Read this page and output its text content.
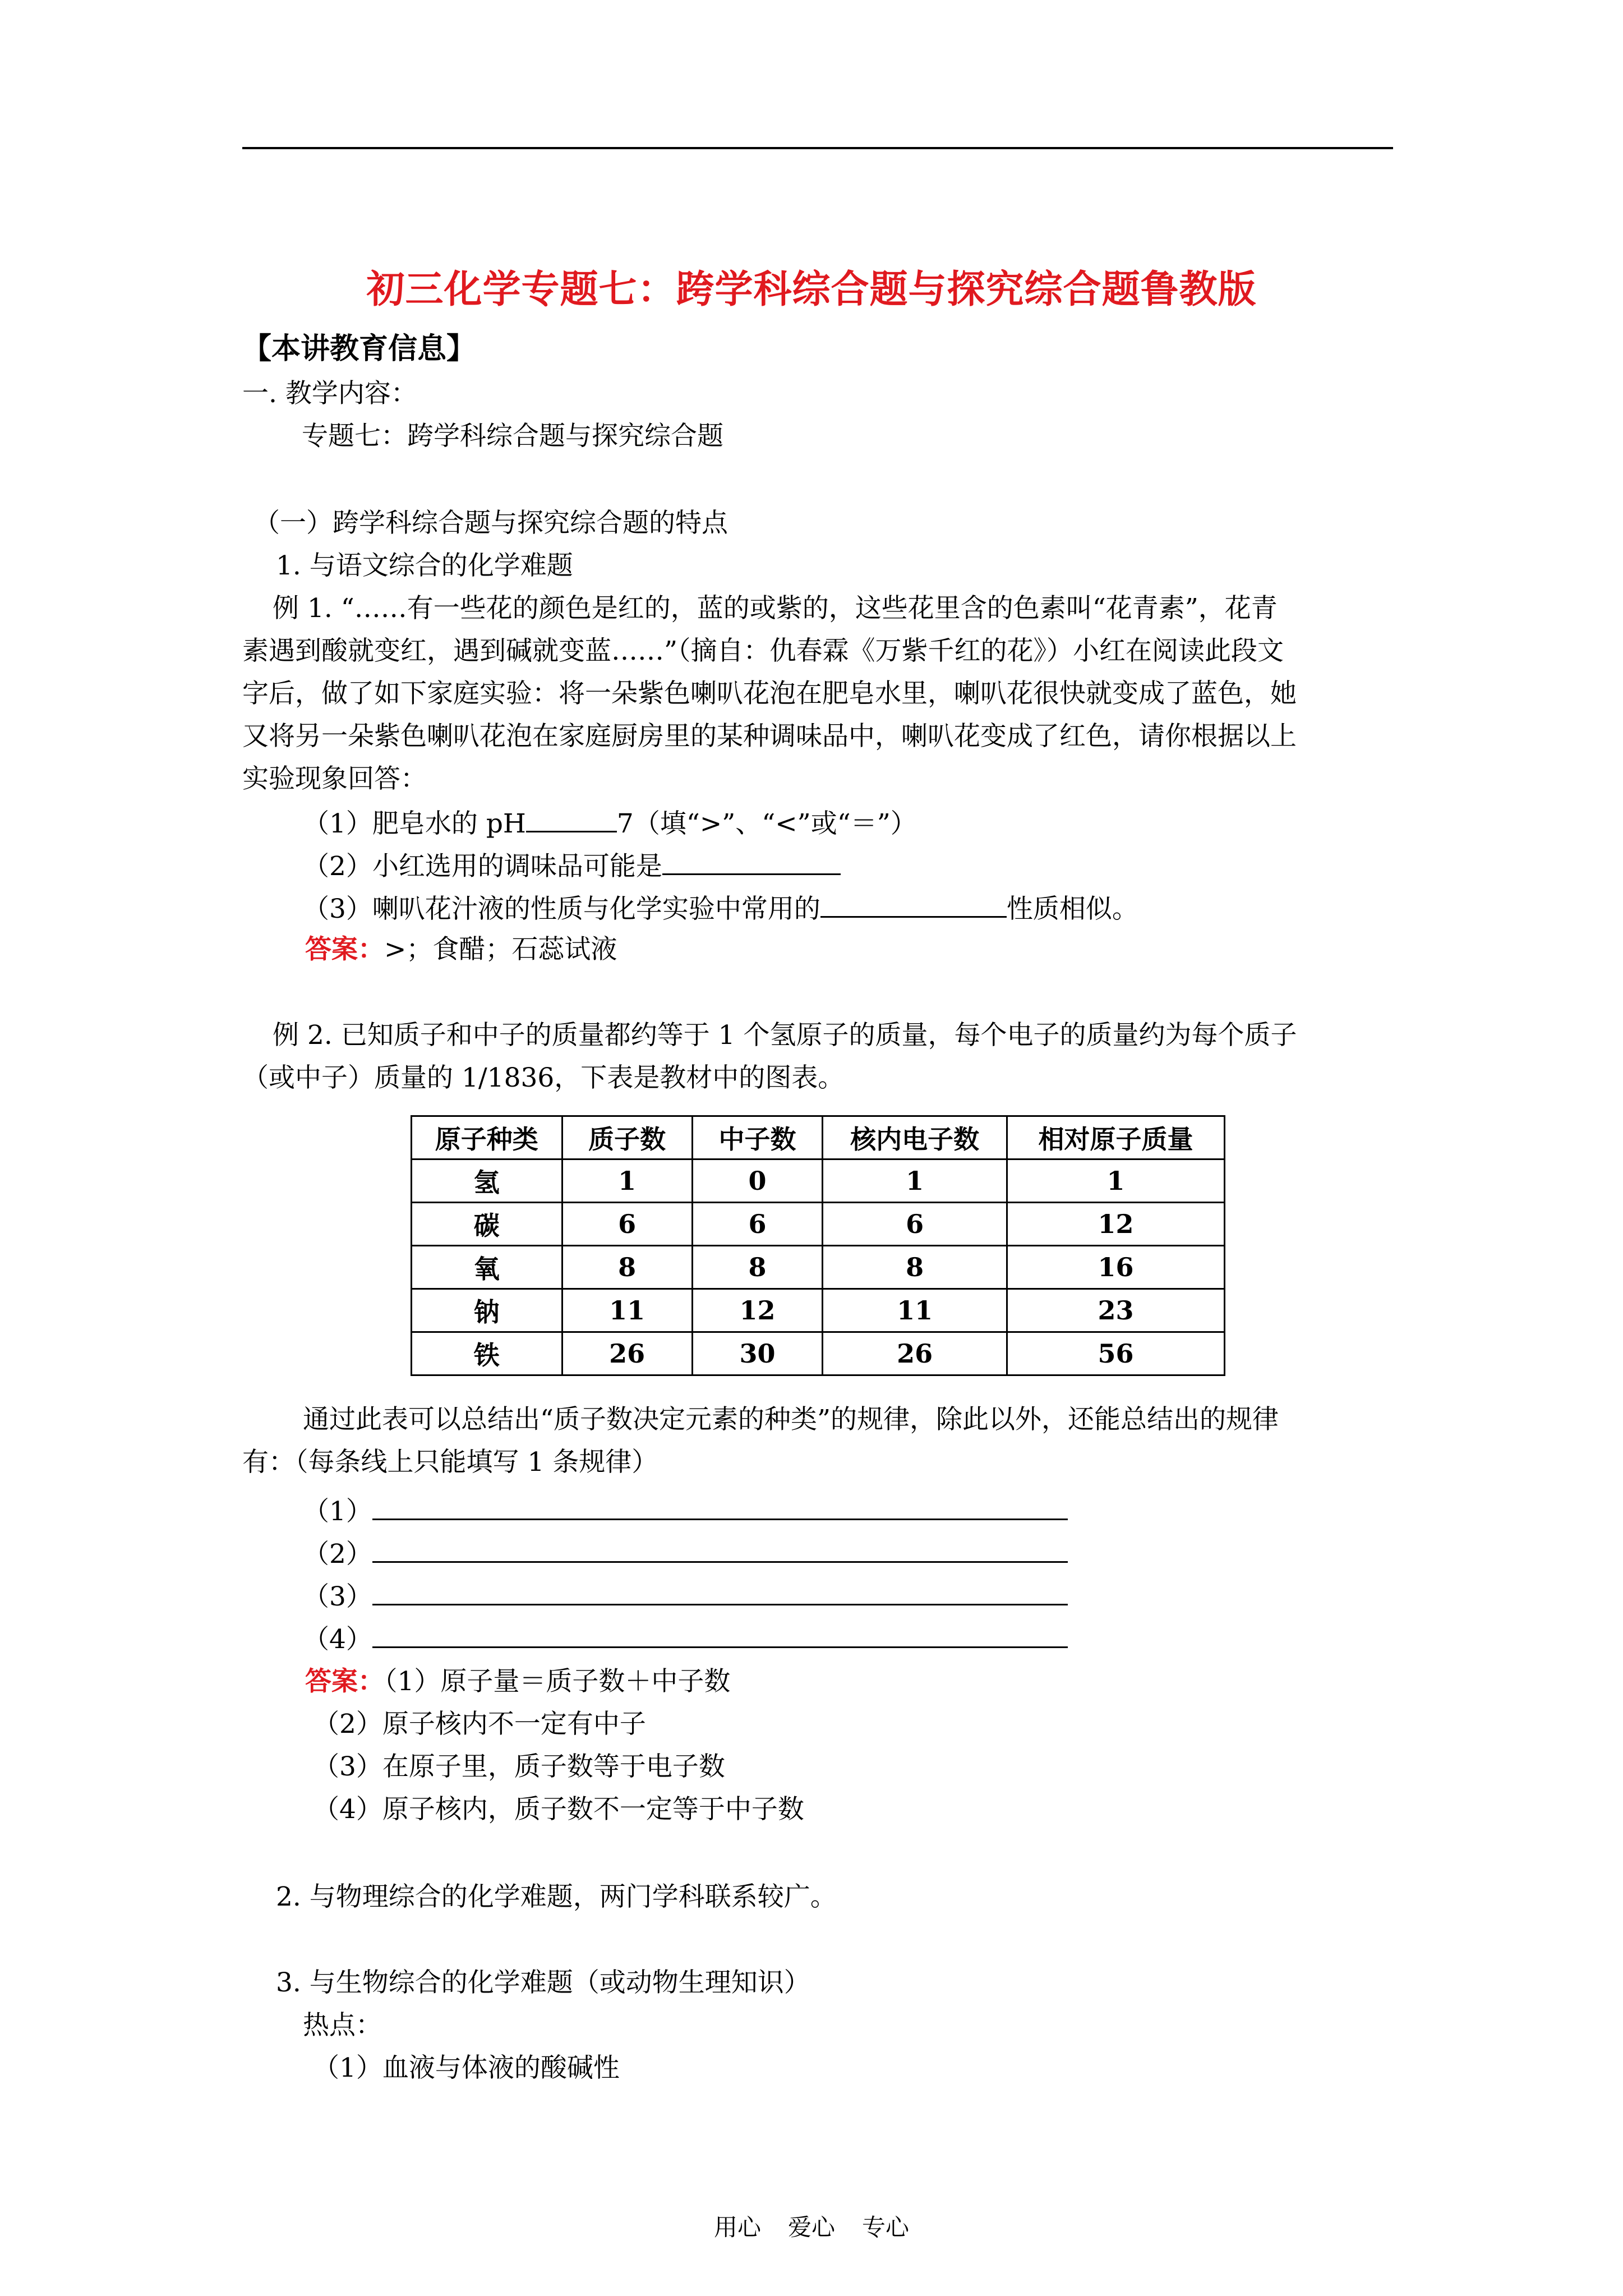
初三化学专题七：跨学科综合题与探究综合题鲁教版
【本讲教育信息】
一. 教学内容：
专题七：跨学科综合题与探究综合题
（一）跨学科综合题与探究综合题的特点
1. 与语文综合的化学难题
例 1. “……有一些花的颜色是红的，蓝的或紫的，这些花里含的色素叫“花青素”，花青
素遇到酸就变红，遇到碱就变蓝……”（摘自：仇春霖《万紫千红的花》）小红在阅读此段文
字后，做了如下家庭实验：将一朵紫色喇叭花泡在肥皂水里，喇叭花很快就变成了蓝色，她
又将另一朵紫色喇叭花泡在家庭厨房里的某种调味品中，喇叭花变成了红色，请你根据以上
实验现象回答：
（1）肥皂水的 pH	7（填“>”、“<”或“＝”）
（2）小红选用的调味品可能是
（3）喇叭花汁液的性质与化学实验中常用的	性质相似。
答案：>；食醋；石蕊试液
例 2. 已知质子和中子的质量都约等于 1 个氢原子的质量，每个电子的质量约为每个质子
（或中子）质量的 1/1836，下表是教材中的图表。
原子种类	质子数	中子数	核内电子数	相对原子质量
氢	1	0	1	1
碳	6	6	6	12
氧	8	8	8	16
钠	11	12	11	23
铁	26	30	26	56
通过此表可以总结出“质子数决定元素的种类”的规律，除此以外，还能总结出的规律
有：（每条线上只能填写 1 条规律）
（1）
（2）
（3）
（4）
答案：（1）原子量＝质子数＋中子数
（2）原子核内不一定有中子
（3）在原子里，质子数等于电子数
（4）原子核内，质子数不一定等于中子数
2. 与物理综合的化学难题，两门学科联系较广。
3. 与生物综合的化学难题（或动物生理知识）
热点：
（1）血液与体液的酸碱性
用心 爱心 专心
